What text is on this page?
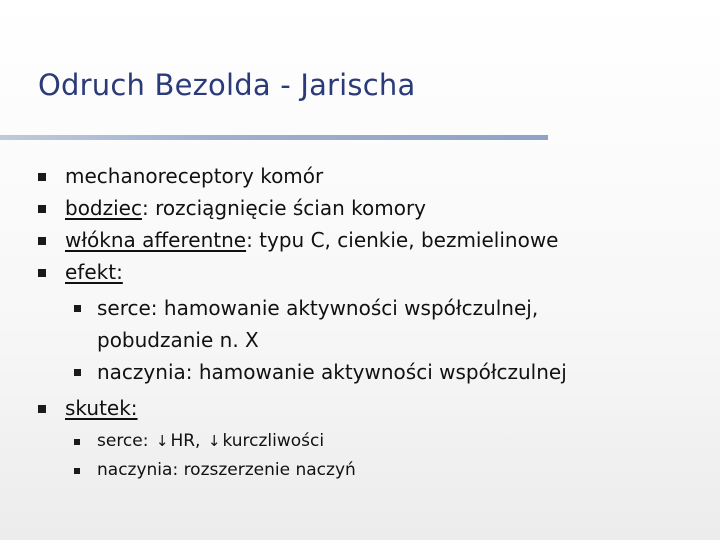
Odruch Bezolda - Jarischa
mechanoreceptory komór
bodziec: rozciągnięcie ścian komory
włókna afferentne: typu C, cienkie, bezmielinowe
efekt:
serce: hamowanie aktywności współczulnej,
pobudzanie n. X
naczynia: hamowanie aktywności współczulnej
skutek:
serce: ↓ HR, ↓ kurczliwości
naczynia: rozszerzenie naczyń
